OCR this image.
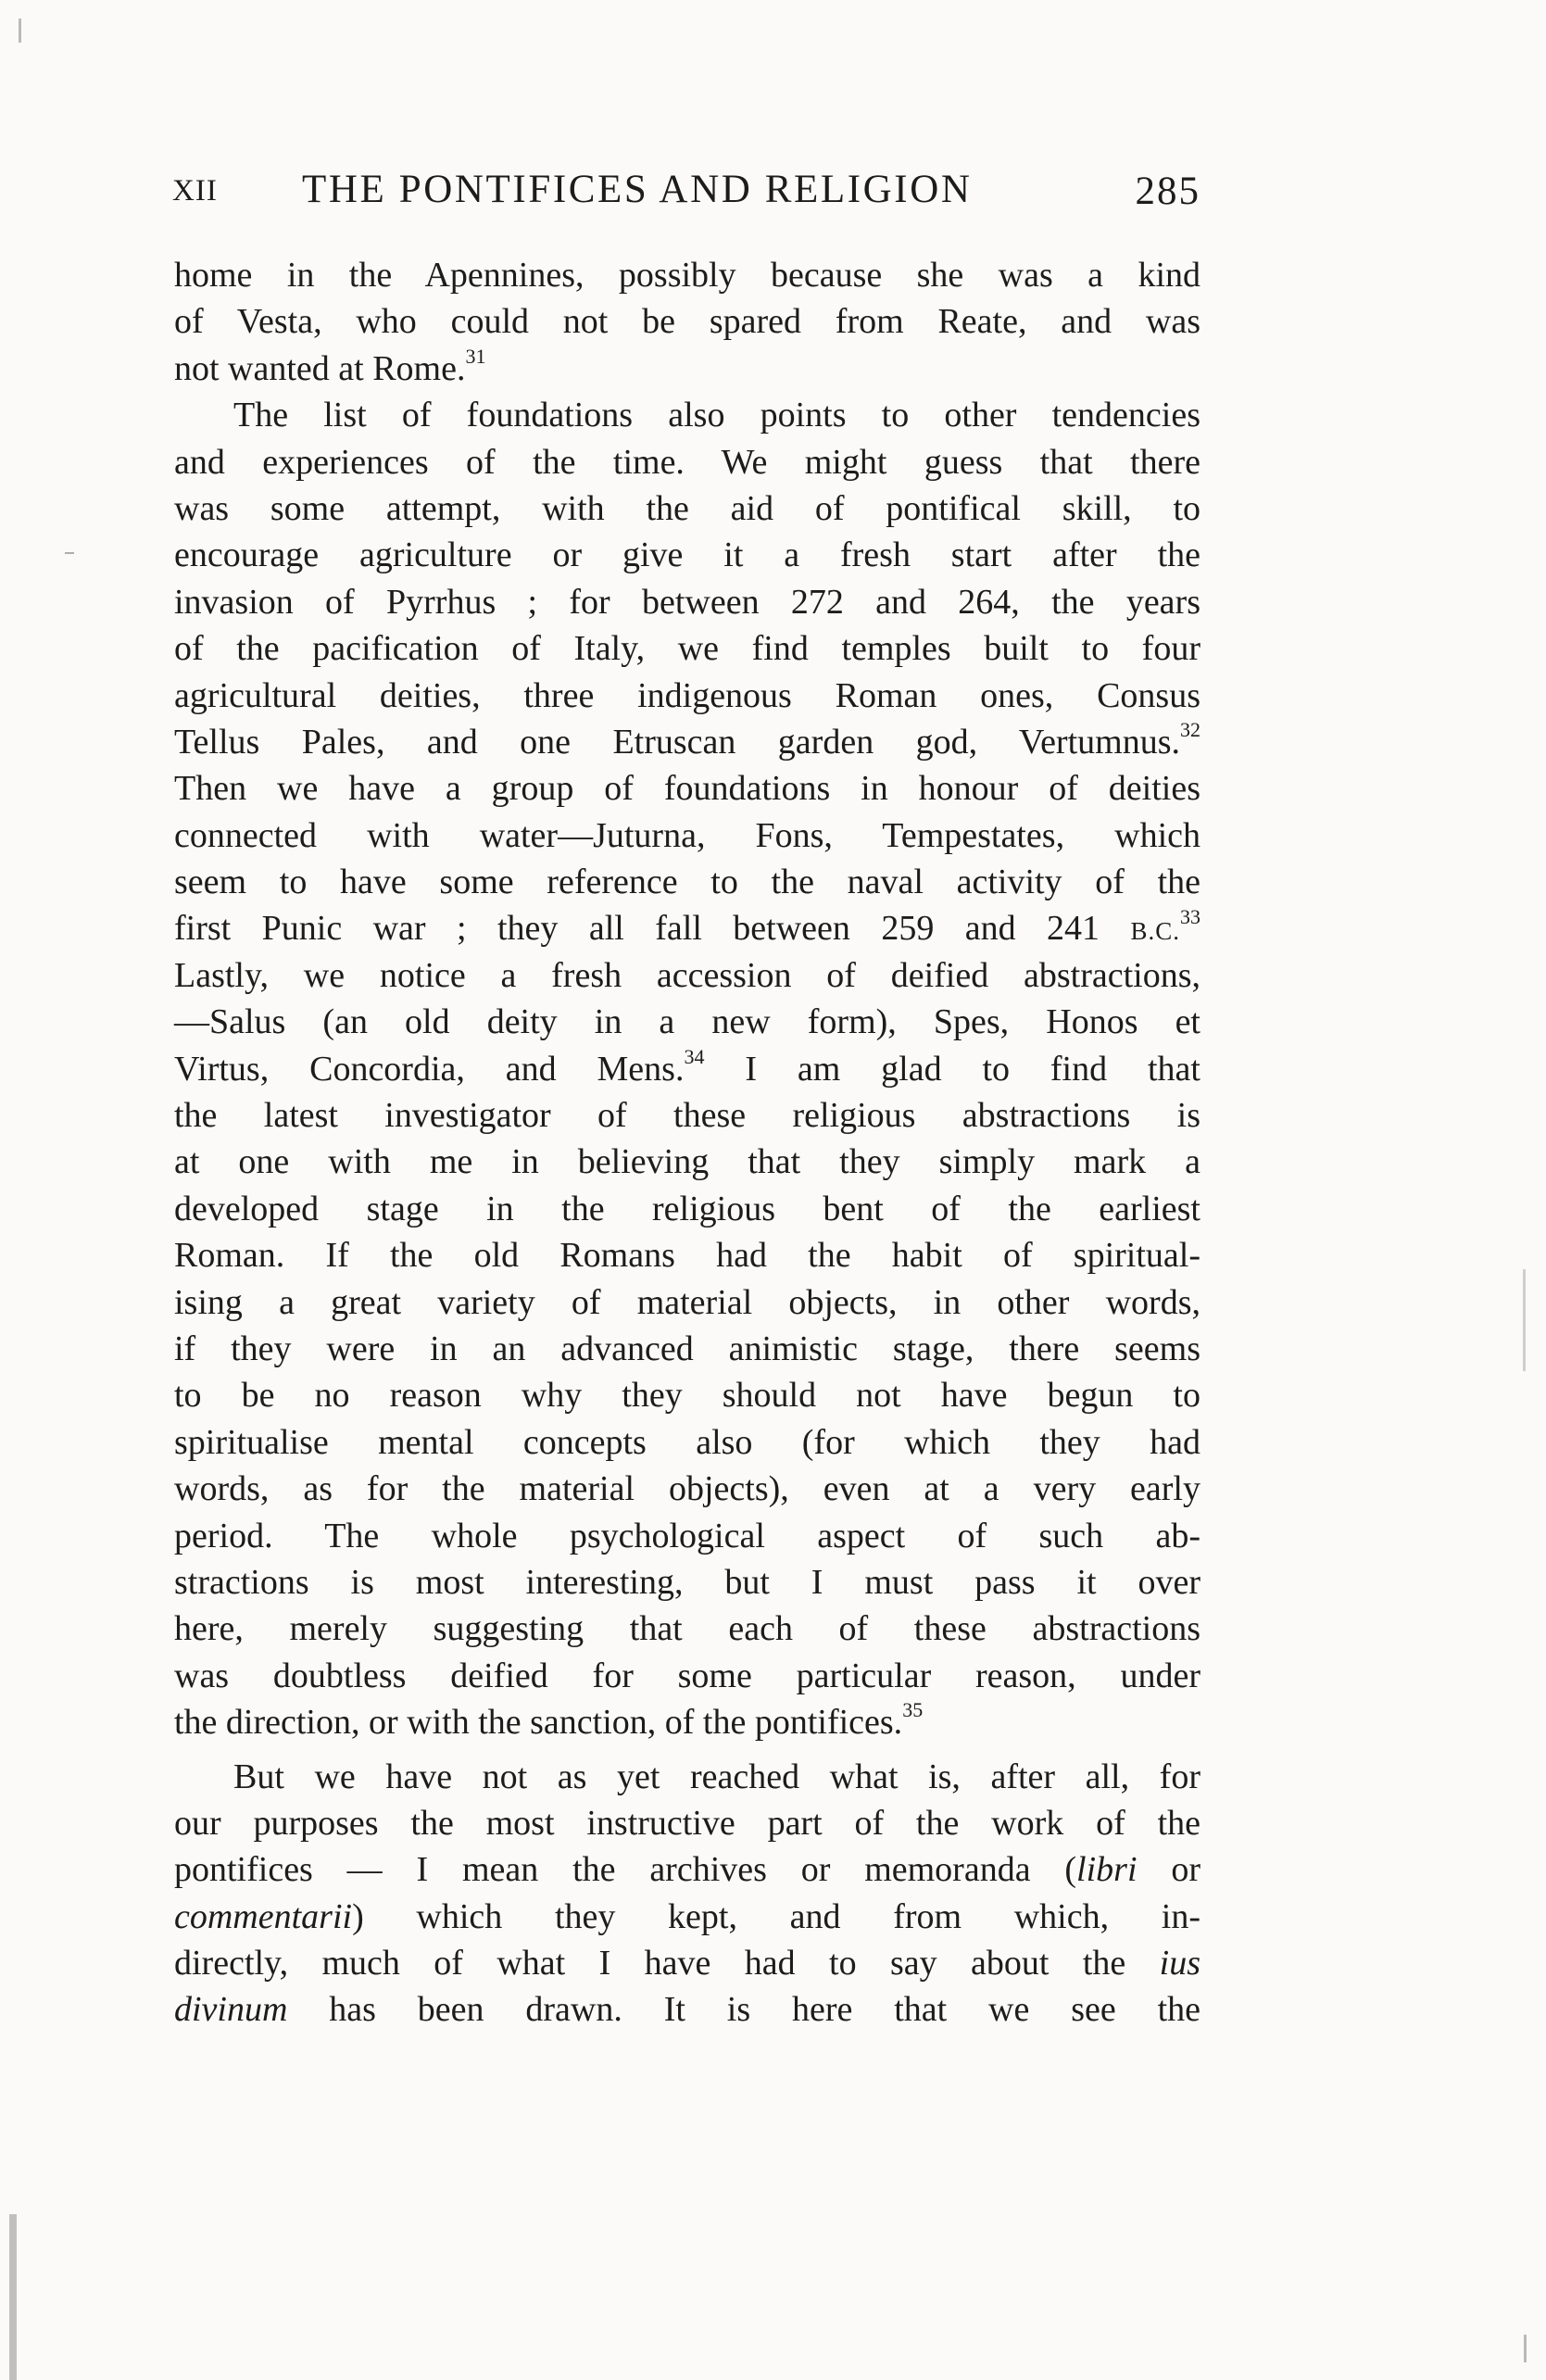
XII THE PONTIFICES AND RELIGION	285
home in the Apennines, possibly because she was a kind
of Vesta, who could not be spared from Reate, and was
not wanted at Rome.$^{31}$
The list of foundations also points to other tendencies
and experiences of the time. We might guess that there
was some attempt, with the aid of pontifical skill, to
encourage agriculture or give it a fresh start after the
invasion of Pyrrhus ; for between 272 and 264, the years
of the pacification of Italy, we find temples built to four
agricultural deities, three indigenous Roman ones, Consus
Tellus Pales, and one Etruscan garden god, Vertumnus.$^{32}$
Then we have a group of foundations in honour of deities
connected with water—Juturna, Fons, Tempestates, which
seem to have some reference to the naval activity of the
first Punic war ; they all fall between 259 and 241 B.C.$^{33}$
Lastly, we notice a fresh accession of deified abstractions,
—Salus (an old deity in a new form), Spes, Honos et
Virtus, Concordia, and Mens.$^{34}$ I am glad to find that
the latest investigator of these religious abstractions is
at one with me in believing that they simply mark a
developed stage in the religious bent of the earliest
Roman. If the old Romans had the habit of spiritual-
ising a great variety of material objects, in other words,
if they were in an advanced animistic stage, there seems
to be no reason why they should not have begun to
spiritualise mental concepts also (for which they had
words, as for the material objects), even at a very early
period. The whole psychological aspect of such ab-
stractions is most interesting, but I must pass it over
here, merely suggesting that each of these abstractions
was doubtless deified for some particular reason, under
the direction, or with the sanction, of the pontifices.$^{35}$
But we have not as yet reached what is, after all, for
our purposes the most instructive part of the work of the
pontifices — I mean the archives or memoranda (libri or
commentarii) which they kept, and from which, in-
directly, much of what I have had to say about the ius
divinum has been drawn. It is here that we see the
